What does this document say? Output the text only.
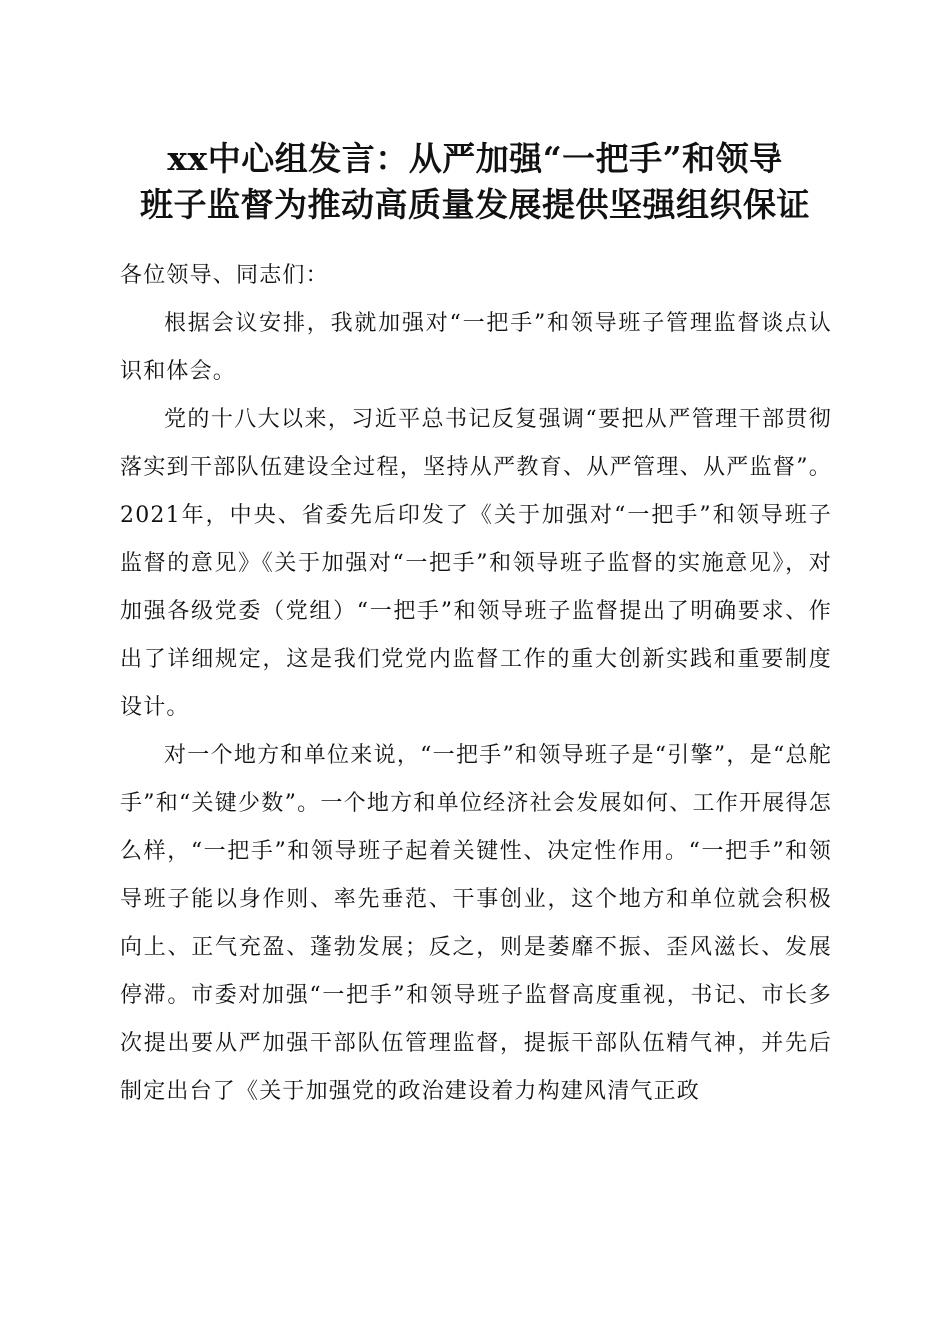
xx中心组发言：从严加强“一把手”和领导
班子监督为推动高质量发展提供坚强组织保证

各位领导、同志们：

根据会议安排，我就加强对“一把手”和领导班子管理监督谈点认识和体会。

党的十八大以来，习近平总书记反复强调“要把从严管理干部贯彻落实到干部队伍建设全过程，坚持从严教育、从严管理、从严监督”。2021年，中央、省委先后印发了《关于加强对“一把手”和领导班子监督的意见》《关于加强对“一把手”和领导班子监督的实施意见》，对加强各级党委（党组）“一把手”和领导班子监督提出了明确要求、作出了详细规定，这是我们党党内监督工作的重大创新实践和重要制度设计。

对一个地方和单位来说，“一把手”和领导班子是“引擎”，是“总舵手”和“关键少数”。一个地方和单位经济社会发展如何、工作开展得怎么样，“一把手”和领导班子起着关键性、决定性作用。“一把手”和领导班子能以身作则、率先垂范、干事创业，这个地方和单位就会积极向上、正气充盈、蓬勃发展；反之，则是萎靡不振、歪风滋长、发展停滞。市委对加强“一把手”和领导班子监督高度重视，书记、市长多次提出要从严加强干部队伍管理监督，提振干部队伍精气神，并先后制定出台了《关于加强党的政治建设着力构建风清气正政
